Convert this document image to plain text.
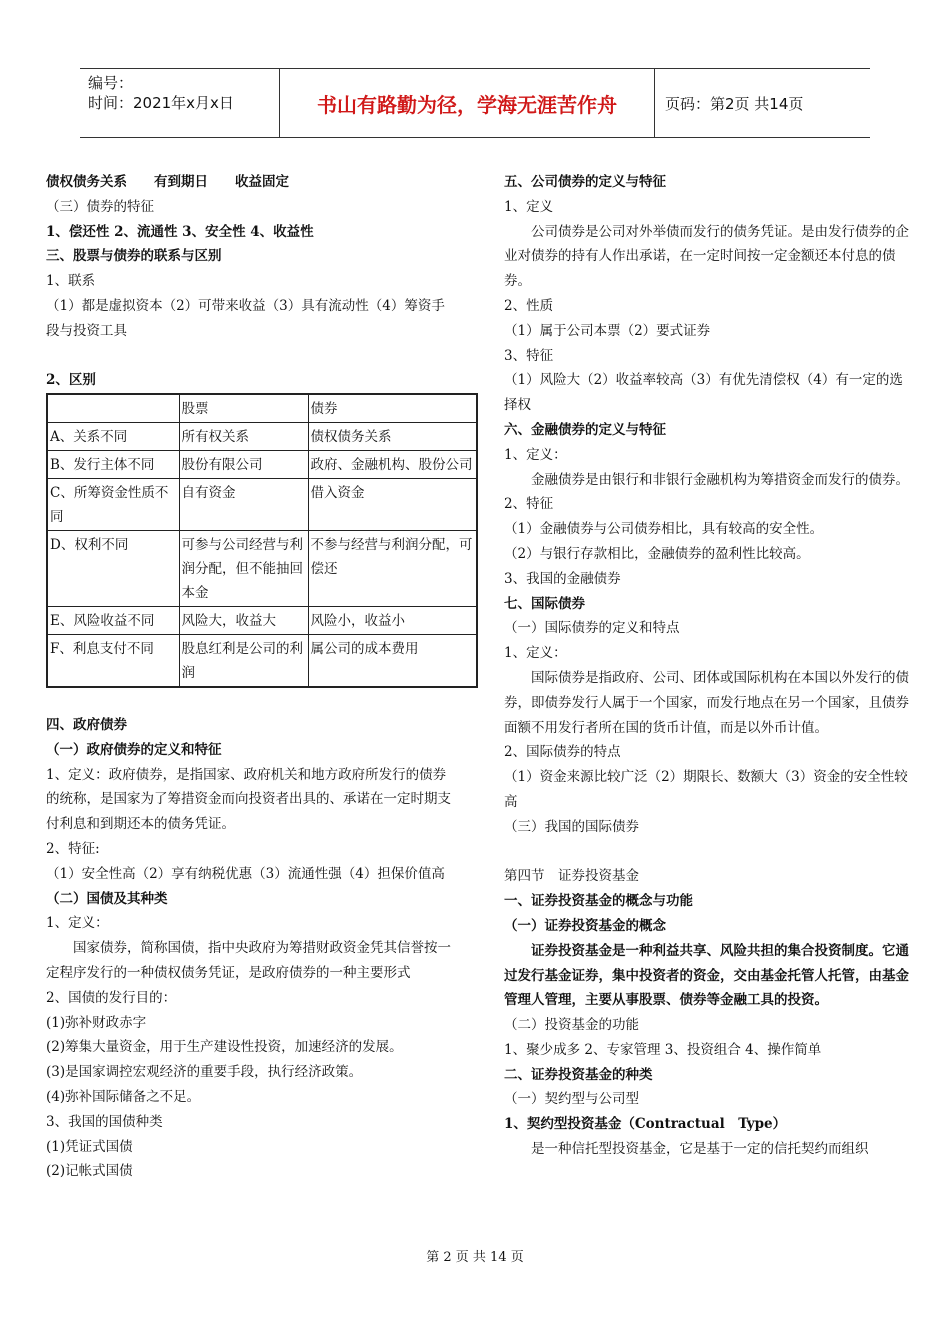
编号：
时间：2021年x月x日	书山有路勤为径，学海无涯苦作舟	页码：第2页 共14页
债权债务关系　　有到期日　　收益固定
（三）债券的特征
1、偿还性 2、流通性 3、安全性 4、收益性
三、股票与债券的联系与区别
1、联系
（1）都是虚拟资本（2）可带来收益（3）具有流动性（4）筹资手段与投资工具
2、区别
	股票	债券
A、关系不同	所有权关系	债权债务关系
B、发行主体不同	股份有限公司	政府、金融机构、股份公司
C、所筹资金性质不同	自有资金	借入资金
D、权利不同	可参与公司经营与利润分配，但不能抽回本金	不参与经营与利润分配，可偿还
E、风险收益不同	风险大，收益大	风险小，收益小
F、利息支付不同	股息红利是公司的利润	属公司的成本费用
四、政府债券
（一）政府债券的定义和特征
1、定义：政府债券，是指国家、政府机关和地方政府所发行的债券的统称，是国家为了筹措资金而向投资者出具的、承诺在一定时期支付利息和到期还本的债务凭证。
2、特征:
（1）安全性高（2）享有纳税优惠（3）流通性强（4）担保价值高
（二）国债及其种类
1、定义：
国家债券，简称国债，指中央政府为筹措财政资金凭其信誉按一定程序发行的一种债权债务凭证，是政府债券的一种主要形式
2、国债的发行目的：
(1)弥补财政赤字
(2)筹集大量资金，用于生产建设性投资，加速经济的发展。
(3)是国家调控宏观经济的重要手段，执行经济政策。
(4)弥补国际储备之不足。
3、我国的国债种类
(1)凭证式国债
(2)记帐式国债
五、公司债券的定义与特征
1、定义
公司债券是公司对外举债而发行的债务凭证。是由发行债券的企业对债券的持有人作出承诺，在一定时间按一定金额还本付息的债券。
2、性质
（1）属于公司本票（2）要式证券
3、特征
（1）风险大（2）收益率较高（3）有优先清偿权（4）有一定的选择权
六、金融债券的定义与特征
1、定义：
金融债券是由银行和非银行金融机构为筹措资金而发行的债券。
2、特征
（1）金融债券与公司债券相比，具有较高的安全性。
（2）与银行存款相比，金融债券的盈利性比较高。
3、我国的金融债券
七、国际债券
（一）国际债券的定义和特点
1、定义：
国际债券是指政府、公司、团体或国际机构在本国以外发行的债券，即债券发行人属于一个国家，而发行地点在另一个国家，且债券面额不用发行者所在国的货币计值，而是以外币计值。
2、国际债券的特点
（1）资金来源比较广泛（2）期限长、数额大（3）资金的安全性较高
（三）我国的国际债券
第四节　证券投资基金
一、证券投资基金的概念与功能
（一）证券投资基金的概念
证券投资基金是一种利益共享、风险共担的集合投资制度。它通过发行基金证券，集中投资者的资金，交由基金托管人托管，由基金管理人管理，主要从事股票、债券等金融工具的投资。
（二）投资基金的功能
1、聚少成多 2、专家管理 3、投资组合 4、操作简单
二、证券投资基金的种类
（一）契约型与公司型
1、契约型投资基金（Contractual　Type）
是一种信托型投资基金，它是基于一定的信托契约而组织
第 2 页 共 14 页
